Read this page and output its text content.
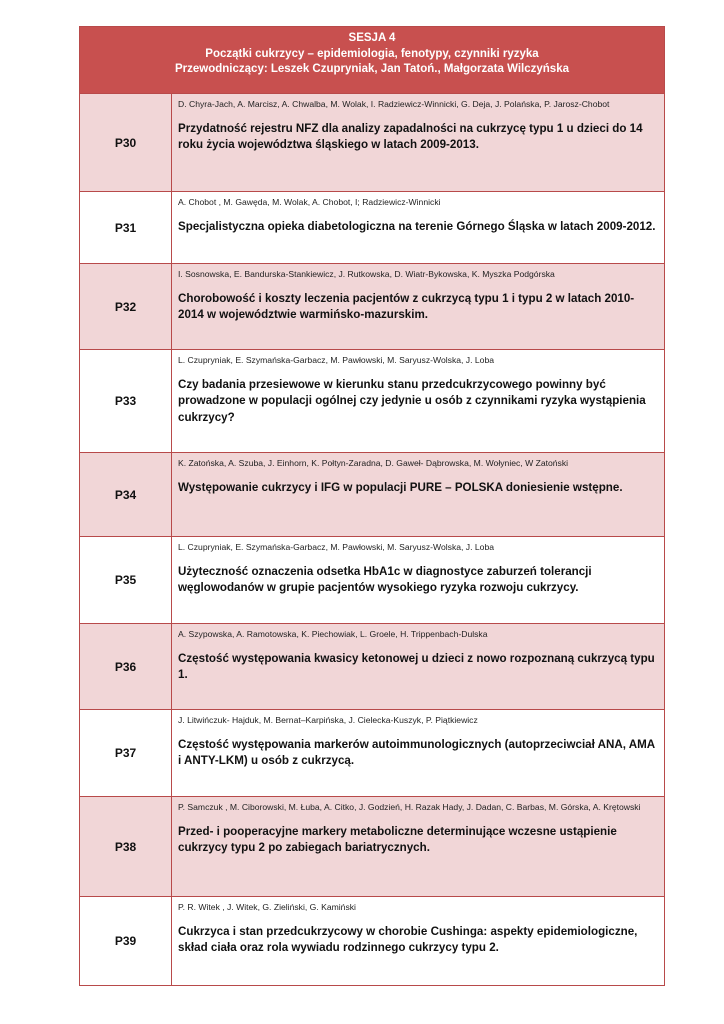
SESJA 4
Początki cukrzycy – epidemiologia, fenotypy, czynniki ryzyka
Przewodniczący: Leszek Czupryniak, Jan Tatoń., Małgorzata Wilczyńska
P30
D. Chyra-Jach, A. Marcisz, A. Chwalba, M. Wolak, I. Radziewicz-Winnicki, G. Deja, J. Polańska, P. Jarosz-Chobot
Przydatność rejestru NFZ dla analizy zapadalności na cukrzycę typu 1 u dzieci do 14 roku życia województwa śląskiego w latach 2009-2013.
P31
A. Chobot , M. Gawęda, M. Wolak, A. Chobot, I; Radziewicz-Winnicki
Specjalistyczna opieka diabetologiczna na terenie Górnego Śląska w latach 2009-2012.
P32
I. Sosnowska, E. Bandurska-Stankiewicz, J. Rutkowska, D. Wiatr-Bykowska, K. Myszka Podgórska
Chorobowość i koszty leczenia pacjentów z cukrzycą typu 1 i typu 2 w latach 2010-2014 w województwie warmińsko-mazurskim.
P33
L. Czupryniak, E. Szymańska-Garbacz, M. Pawłowski, M. Saryusz-Wolska, J. Loba
Czy badania przesiewowe w kierunku stanu przedcukrzycowego powinny być prowadzone w populacji ogólnej czy jedynie u osób z czynnikami ryzyka wystąpienia cukrzycy?
P34
K. Zatońska, A. Szuba, J. Einhorn, K. Połtyn-Zaradna, D. Gaweł- Dąbrowska, M. Wołyniec, W Zatoński
Występowanie cukrzycy i IFG w populacji PURE – POLSKA doniesienie wstępne.
P35
L. Czupryniak, E. Szymańska-Garbacz, M. Pawłowski, M. Saryusz-Wolska, J. Loba
Użyteczność oznaczenia odsetka HbA1c w diagnostyce zaburzeń tolerancji węglowodanów w grupie pacjentów wysokiego ryzyka rozwoju cukrzycy.
P36
A. Szypowska, A. Ramotowska, K. Piechowiak, L. Groele, H. Trippenbach-Dulska
Częstość występowania kwasicy ketonowej u dzieci z nowo rozpoznaną cukrzycą typu 1.
P37
J. Litwińczuk- Hajduk, M. Bernat–Karpińska, J. Cielecka-Kuszyk, P. Piątkiewicz
Częstość występowania markerów autoimmunologicznych (autoprzeciwciał ANA, AMA i ANTY-LKM) u osób z cukrzycą.
P38
P. Samczuk , M. Ciborowski, M. Łuba, A. Citko, J. Godzień, H. Razak Hady, J. Dadan, C. Barbas, M. Górska, A. Krętowski
Przed- i pooperacyjne markery metaboliczne determinujące wczesne ustąpienie cukrzycy typu 2 po zabiegach bariatrycznych.
P39
P. R. Witek , J. Witek, G. Zieliński, G. Kamiński
Cukrzyca i stan przedcukrzycowy w chorobie Cushinga: aspekty epidemiologiczne, skład ciała oraz rola wywiadu rodzinnego cukrzycy typu 2.
